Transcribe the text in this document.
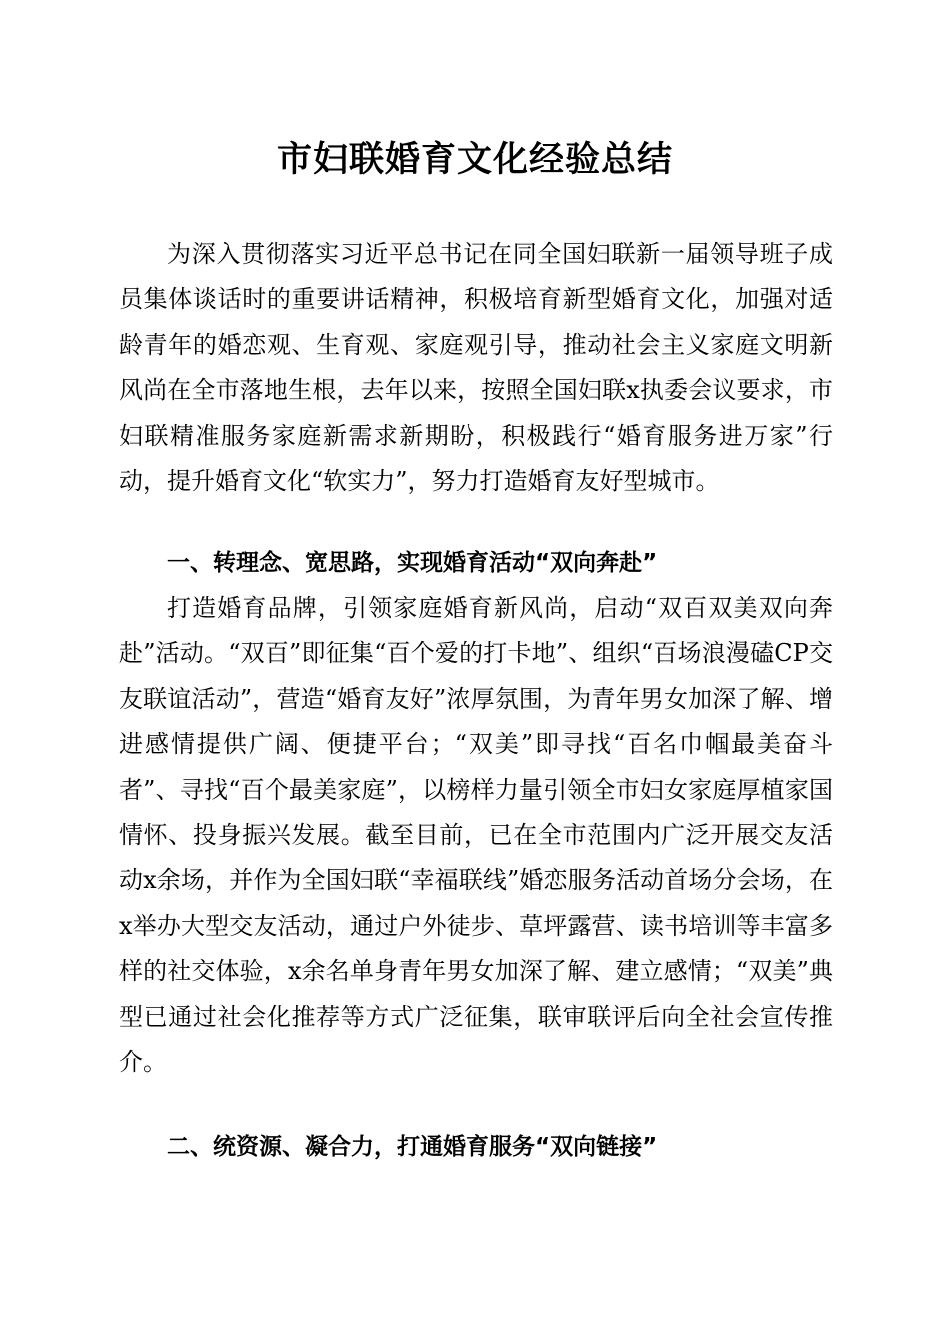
市妇联婚育文化经验总结

为深入贯彻落实习近平总书记在同全国妇联新一届领导班子成员集体谈话时的重要讲话精神，积极培育新型婚育文化，加强对适龄青年的婚恋观、生育观、家庭观引导，推动社会主义家庭文明新风尚在全市落地生根，去年以来，按照全国妇联x执委会议要求，市妇联精准服务家庭新需求新期盼，积极践行“婚育服务进万家”行动，提升婚育文化“软实力”，努力打造婚育友好型城市。

一、转理念、宽思路，实现婚育活动“双向奔赴”

打造婚育品牌，引领家庭婚育新风尚，启动“双百双美双向奔赴”活动。“双百”即征集“百个爱的打卡地”、组织“百场浪漫磕CP交友联谊活动”，营造“婚育友好”浓厚氛围，为青年男女加深了解、增进感情提供广阔、便捷平台；“双美”即寻找“百名巾帼最美奋斗者”、寻找“百个最美家庭”，以榜样力量引领全市妇女家庭厚植家国情怀、投身振兴发展。截至目前，已在全市范围内广泛开展交友活动x余场，并作为全国妇联“幸福联线”婚恋服务活动首场分会场，在x举办大型交友活动，通过户外徒步、草坪露营、读书培训等丰富多样的社交体验，x余名单身青年男女加深了解、建立感情；“双美”典型已通过社会化推荐等方式广泛征集，联审联评后向全社会宣传推介。

二、统资源、凝合力，打通婚育服务“双向链接”
